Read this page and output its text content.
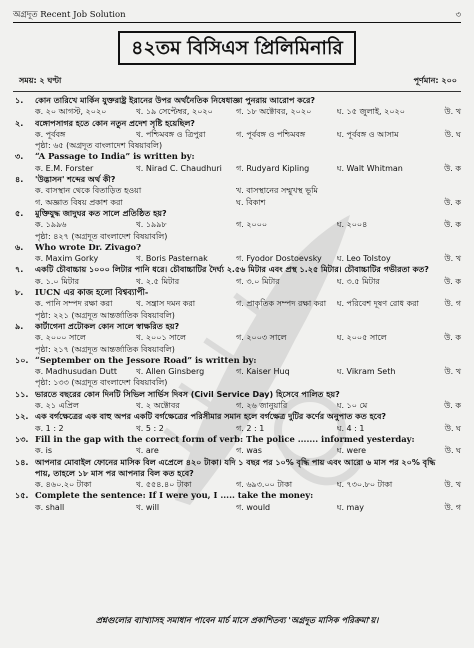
অগ্রদূত Recent Job Solution	৩
৪২তম বিসিএস প্রিলিমিনারি
সময়: ২ ঘণ্টা	পূর্ণমান: ২০০
১.	কোন তারিখে মার্কিন যুক্তরাষ্ট্র ইরানের উপর অর্থনৈতিক নিষেধাজ্ঞা পুনরায় আরোপ করে?
ক. ২০ আগস্ট, ২০২০	খ. ১৯ সেপ্টেম্বর, ২০২০	গ. ১৮ অক্টোবর, ২০২০	ঘ. ১৫ জুলাই, ২০২০	উ. খ
২.	বঙ্গোপসাগর হতে কোন নতুন প্রদেশ সৃষ্টি হয়েছিল?
ক. পূর্ববঙ্গ	খ. পশ্চিমবঙ্গ ও ত্রিপুরা	গ. পূর্ববঙ্গ ও পশ্চিমবঙ্গ	ঘ. পূর্ববঙ্গ ও আসাম	উ. ঘ
পৃষ্ঠা: ৬৫ (অগ্রদূত বাংলাদেশ বিষয়াবলি)
৩.	“A Passage to India” is written by:
ক. E.M. Forster	খ. Nirad C. Chaudhuri	গ. Rudyard Kipling	ঘ. Walt Whitman	উ. ক
৪.	'উদ্ভাসন' শব্দের অর্থ কী?
ক. বাসস্থান থেকে বিতাড়িত হওয়া	খ. বাসস্থানের সম্মুখস্থ ভূমি
গ. অজ্ঞাত বিষয় প্রকাশ করা	ঘ. বিকাশ	উ. ক
৫.	মুক্তিযুদ্ধ জাদুঘর কত সালে প্রতিষ্ঠিত হয়?
ক. ১৯৯৬	খ. ১৯৯৮	গ. ২০০০	ঘ. ২০০৪	উ. ক
পৃষ্ঠা: ৪২৭ (অগ্রদূত বাংলাদেশ বিষয়াবলি)
৬.	Who wrote Dr. Zivago?
ক. Maxim Gorky	খ. Boris Pasternak	গ. Fyodor Dostoevsky	ঘ. Leo Tolstoy	উ. খ
৭.	একটি চৌবাচ্চায় ১০০০ লিটার পানি ধরে। চৌবাচ্চাটির দৈর্ঘ্য ২.৫৬ মিটার এবং প্রস্থ ১.২৫ মিটার। চৌবাচ্চাটির গভীরতা কত?
ক. ১.০ মিটার	খ. ২.৫ মিটার	গ. ৩.০ মিটার	ঘ. ৩.৫ মিটার	উ. ক
৮.	IUCN এর কাজ হলো বিশ্বব্যাপী-
ক. পানি সম্পদ রক্ষা করা	খ. সন্ত্রাস দমন করা	গ. প্রাকৃতিক সম্পদ রক্ষা করা	ঘ. পরিবেশ দূষণ রোধ করা	উ. গ
পৃষ্ঠা: ২২১ (অগ্রদূত আন্তর্জাতিক বিষয়াবলি)
৯.	কার্টাগেনা প্রটোকল কোন সালে স্বাক্ষরিত হয়?
ক. ২০০০ সালে	খ. ২০০১ সালে	গ. ২০০৩ সালে	ঘ. ২০০৫ সালে	উ. ক
পৃষ্ঠা: ২১৭ (অগ্রদূত আন্তর্জাতিক বিষয়াবলি)
১০. “September on the Jessore Road” is written by:
ক. Madhusudan Dutt	খ. Allen Ginsberg	গ. Kaiser Huq	ঘ. Vikram Seth	উ. খ
পৃষ্ঠা: ১৩৩ (অগ্রদূত বাংলাদেশ বিষয়াবলি)
১১. ভারতে বছরের কোন দিনটি সিভিল সার্ভিস দিবস (Civil Service Day) হিসেবে পালিত হয়?
ক. ২১ এপ্রিল	খ. ২ অক্টোবর	গ. ২৬ জানুয়ারি	ঘ. ১০ মে	উ. ক
১২. এক বর্গক্ষেত্রের এক বাহু অপর একটি বর্গক্ষেত্রের পরিসীমার সমান হলে বর্গক্ষেত্র দুটির কর্ণের অনুপাত কত হবে?
ক. 1 : 2	খ. 5 : 2	গ. 2 : 1	ঘ. 4 : 1	উ. ঘ
১৩. Fill in the gap with the correct form of verb: The police ....... informed yesterday:
ক. is	খ. are	গ. was	ঘ. were	উ. ঘ
১৪. আপনার মোবাইল ফোনের মাসিক বিল এপ্রেলে ৪২০ টাকা। যদি ১ বছর পর ১০% বৃদ্ধি পায় এবং আরো ৬ মাস পর ২০% বৃদ্ধি
পায়, তাহলে ১৮ মাস পর আপনার বিল কত হবে?
ক. ৪৬০.২০ টাকা	খ. ৫৫৪.৪০ টাকা	গ. ৬৯৩.০০ টাকা	ঘ. ৭৩০.৮০ টাকা	উ. খ
১৫. Complete the sentence: If I were you, I ..... take the money:
ক. shall	খ. will	গ. would	ঘ. may	উ. গ
প্রশ্নগুলোর ব্যাখ্যাসহ সমাধান পাবেন মার্চ মাসে প্রকাশিতব্য 'অগ্রদূত মাসিক পরিক্রমা'য়।
